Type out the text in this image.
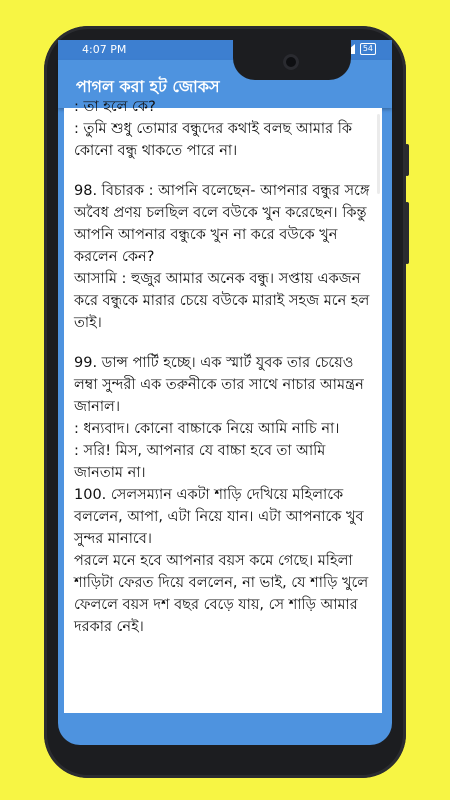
4:07 PM	54
পাগল করা হট জোকস

: তা হলে কে?

: তুমি শুধু তোমার বন্ধুদের কথাই বলছ আমার কি কোনো বন্ধু থাকতে পারে না।

98. বিচারক : আপনি বলেছেন- আপনার বন্ধুর সঙ্গে অবৈধ প্রণয় চলছিল বলে বউকে খুন করেছেন। কিন্তু আপনি আপনার বন্ধুকে খুন না করে বউকে খুন করলেন কেন?

আসামি : হুজুর আমার অনেক বন্ধু। সপ্তায় একজন করে বন্ধুকে মারার চেয়ে বউকে মারাই সহজ মনে হল তাই।

99. ডান্স পার্টি হচ্ছে। এক স্মার্ট যুবক তার চেয়েও লম্বা সুন্দরী এক তরুনীকে তার সাথে নাচার আমন্ত্রন জানাল।

: ধন্যবাদ। কোনো বাচ্চাকে নিয়ে আমি নাচি না।

: সরি! মিস, আপনার যে বাচ্চা হবে তা আমি জানতাম না।

100. সেলসম্যান একটা শাড়ি দেখিয়ে মহিলাকে বললেন, আপা, এটা নিয়ে যান। এটা আপনাকে খুব সুন্দর মানাবে।

পরলে মনে হবে আপনার বয়স কমে গেছে। মহিলা শাড়িটা ফেরত দিয়ে বললেন, না ভাই, যে শাড়ি খুলে ফেললে বয়স দশ বছর বেড়ে যায়, সে শাড়ি আমার দরকার নেই।
